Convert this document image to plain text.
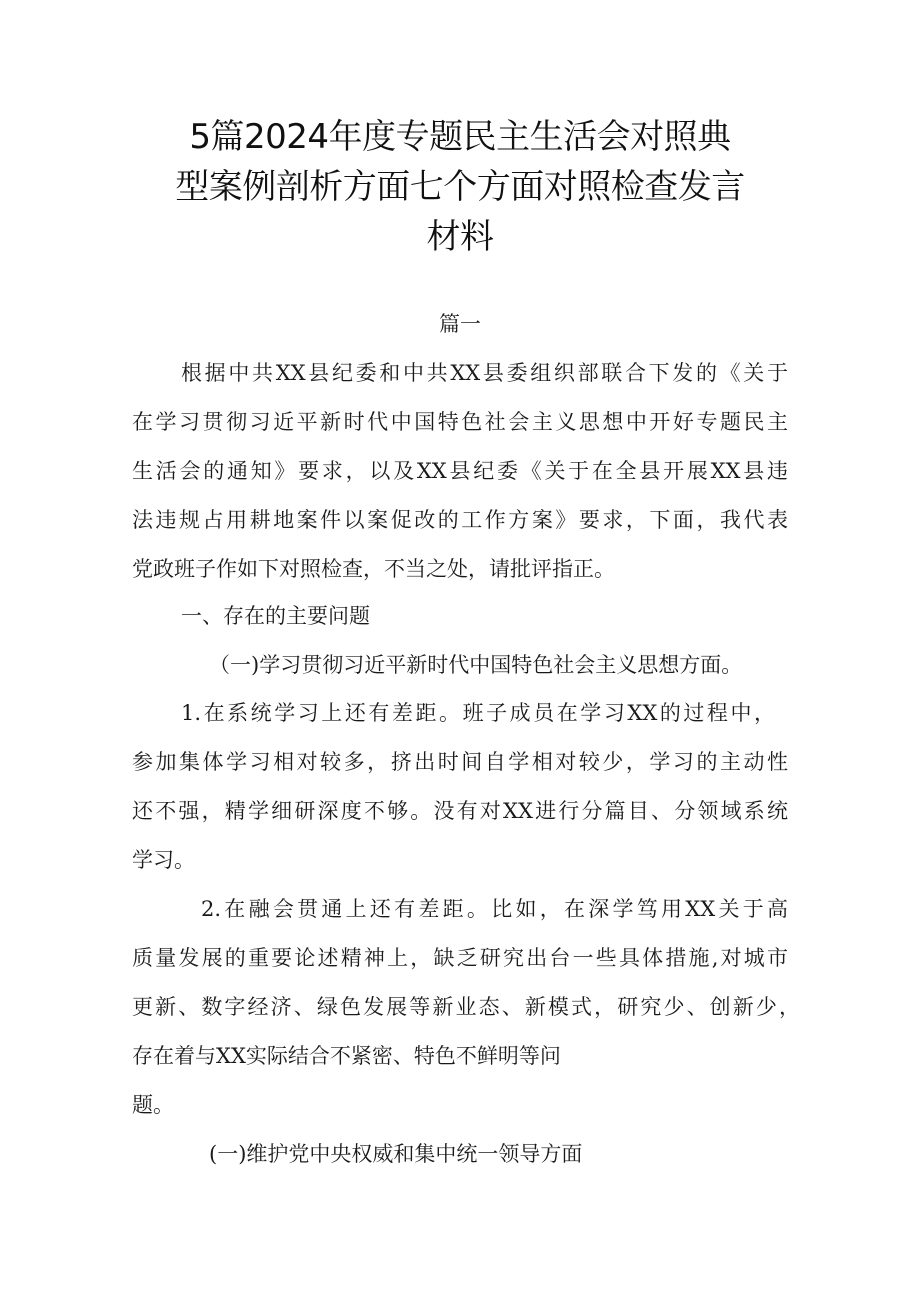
5篇2024年度专题民主生活会对照典
型案例剖析方面七个方面对照检查发言
材料
篇一
根据中共XX县纪委和中共XX县委组织部联合下发的《关于
在学习贯彻习近平新时代中国特色社会主义思想中开好专题民主
生活会的通知》要求，以及XX县纪委《关于在全县开展XX县违
法违规占用耕地案件以案促改的工作方案》要求，下面，我代表
党政班子作如下对照检查，不当之处，请批评指正。
一、存在的主要问题
（一)学习贯彻习近平新时代中国特色社会主义思想方面。
1.在系统学习上还有差距。班子成员在学习XX的过程中，
参加集体学习相对较多，挤出时间自学相对较少，学习的主动性
还不强，精学细研深度不够。没有对XX进行分篇目、分领域系统
学习。
2.在融会贯通上还有差距。比如，在深学笃用XX关于高
质量发展的重要论述精神上，缺乏研究出台一些具体措施,对城市
更新、数字经济、绿色发展等新业态、新模式，研究少、创新少，
存在着与XX实际结合不紧密、特色不鲜明等问
题。
(一)维护党中央权威和集中统一领导方面
